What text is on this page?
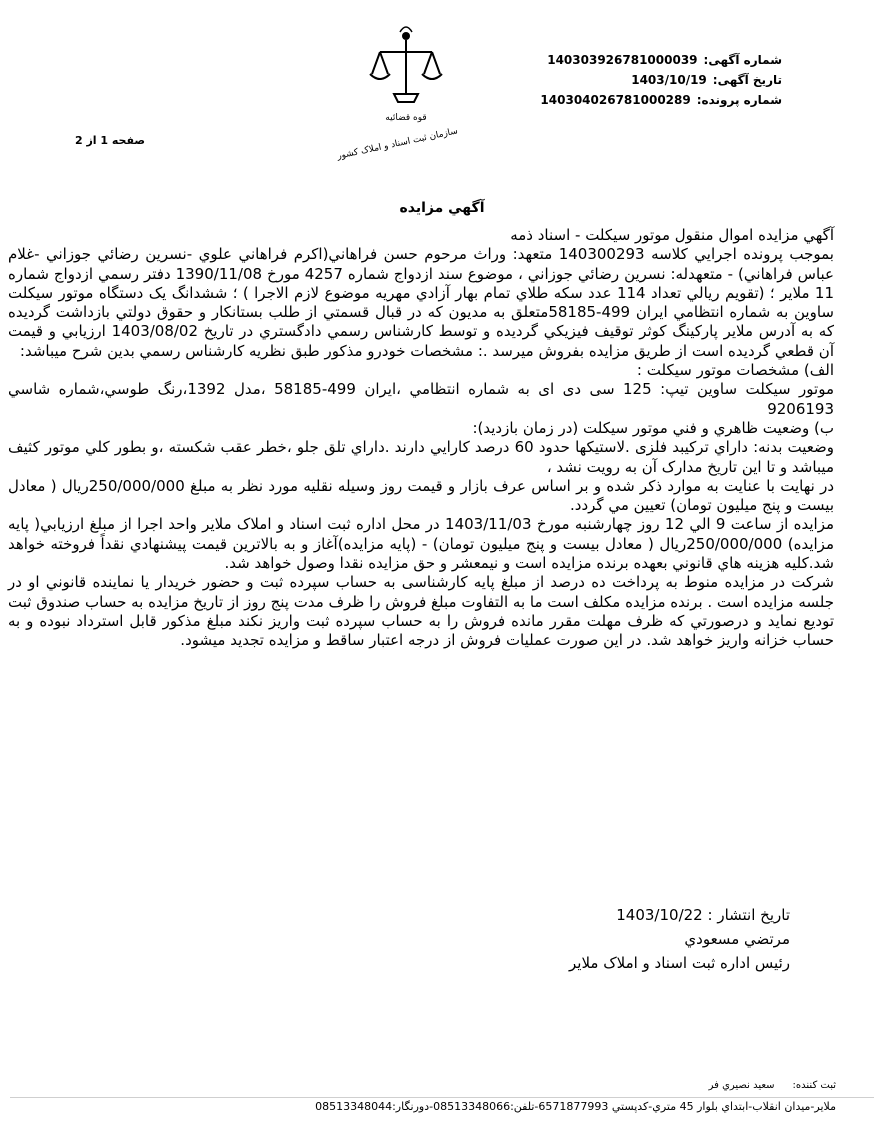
شماره آگهی:140303926781000039
تاریخ آگهی:1403/10/19
شماره پرونده:140304026781000289
صفحه 1 از 2
قوه قضائیه
سازمان ثبت اسناد و املاک کشور
آگهي مزايده

آگهي مزايده اموال منقول موتور سيکلت - اسناد ذمه

بموجب پرونده اجرايي کلاسه 140300293 متعهد: وراث مرحوم حسن فراهاني(اکرم فراهاني علوي -نسرين رضائي جوزاني -غلام عباس فراهاني) - متعهدله: نسرين رضائي جوزاني ، موضوع سند ازدواج شماره 4257 مورخ 1390/11/08 دفتر رسمي ازدواج شماره 11 ملاير ؛ (تقويم ريالي تعداد 114 عدد سکه طلاي تمام بهار آزادي مهريه موضوع لازم الاجرا ) ؛ ششدانگ يک دستگاه موتور سيکلت ساوين به شماره انتظامي ايران 499-58185متعلق به مديون که در قبال قسمتي از طلب بستانکار و حقوق دولتي بازداشت گرديده که به آدرس ملاير پارکينگ کوثر توقيف فيزيکي گرديده و توسط کارشناس رسمي دادگستري در تاريخ 1403/08/02 ارزيابي و قيمت آن قطعي گرديده است از طريق مزايده بفروش ميرسد .: مشخصات خودرو مذکور طبق نظريه کارشناس رسمي بدين شرح ميباشد:

الف) مشخصات موتور سيکلت :

موتور سيکلت ساوين تيپ: 125 سی دی ای به شماره انتظامي ،ايران 499-58185 ،مدل 1392،رنگ طوسي،شماره شاسي 9206193

ب) وضعيت ظاهري و فني موتور سيکلت (در زمان بازديد):

وضعيت بدنه: داراي ترکيبد فلزی .لاستيکها حدود 60 درصد کارايي دارند .داراي تلق جلو ،خطر عقب شکسته ،و بطور کلي موتور کثيف ميباشد و تا اين تاريخ مدارک آن به رويت نشد ،

در نهايت با عنايت به موارد ذکر شده و بر اساس عرف بازار و قيمت روز وسيله نقليه مورد نظر به مبلغ 250/000/000ريال ( معادل بيست و پنج ميليون تومان) تعيين مي گردد.

مزايده از ساعت 9 الي 12 روز چهارشنبه مورخ 1403/11/03 در محل اداره ثبت اسناد و املاک ملاير واحد اجرا از مبلغ ارزيابي( پايه مزايده) 250/000/000ريال ( معادل بيست و پنج ميليون تومان) - (پايه مزايده)آغاز و به بالاترين قيمت پيشنهادي نقداً فروخته خواهد شد.کليه هزينه هاي قانوني بعهده برنده مزايده است و نيمعشر و حق مزايده نقدا وصول خواهد شد.

شرکت در مزايده منوط به پرداخت ده درصد از مبلغ پايه کارشناسی به حساب سپرده ثبت و حضور خريدار يا نماينده قانوني او در جلسه مزايده است . برنده مزايده مکلف است ما به التفاوت مبلغ فروش را ظرف مدت پنج روز از تاريخ مزايده به حساب صندوق ثبت توديع نمايد و درصورتي که ظرف مهلت مقرر مانده فروش را به حساب سپرده ثبت واريز نکند مبلغ مذکور قابل استرداد نبوده و به حساب خزانه واريز خواهد شد. در اين صورت عمليات فروش از درجه اعتبار ساقط و مزايده تجديد ميشود.

تاريخ انتشار : 1403/10/22
مرتضي مسعودي
رئيس اداره ثبت اسناد و املاک ملاير
ثبت کننده:سعيد نصيري فر
ملاير-ميدان انقلاب-ابتداي بلوار 45 متري-کدپستي 6571877993-تلفن:08513348066-دورنگار:08513348044
